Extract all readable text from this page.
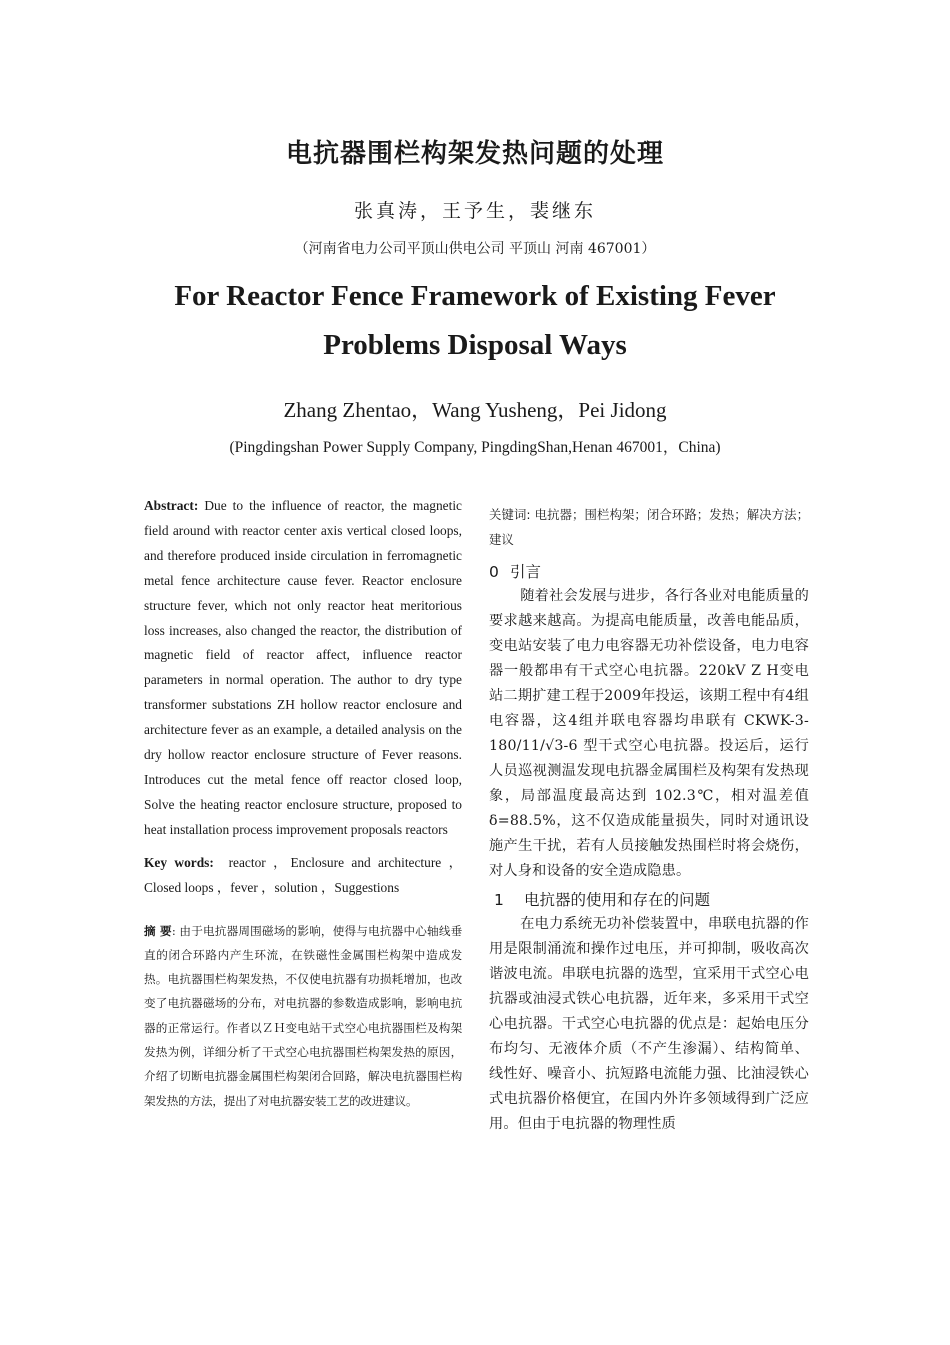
电抗器围栏构架发热问题的处理
张真涛，王予生，裴继东
（河南省电力公司平顶山供电公司 平顶山 河南 467001）
For Reactor Fence Framework of Existing Fever
Problems Disposal Ways
Zhang Zhentao，Wang Yusheng，Pei Jidong
(Pingdingshan Power Supply Company, PingdingShan,Henan 467001，China)

Abstract: Due to the influence of reactor, the magnetic field around with reactor center axis vertical closed loops, and therefore produced inside circulation in ferromagnetic metal fence architecture cause fever. Reactor enclosure structure fever, which not only reactor heat meritorious loss increases, also changed the reactor, the distribution of magnetic field of reactor affect, influence reactor parameters in normal operation. The author to dry type transformer substations ZH hollow reactor enclosure and architecture fever as an example, a detailed analysis on the dry hollow reactor enclosure structure of Fever reasons. Introduces cut the metal fence off reactor closed loop, Solve the heating reactor enclosure structure, proposed to heat installation process improvement proposals reactors

Key words: reactor ，Enclosure and architecture ，Closed loops ，fever ，solution ，Suggestions

摘 要: 由于电抗器周围磁场的影响，使得与电抗器中心轴线垂直的闭合环路内产生环流，在铁磁性金属围栏构架中造成发热。电抗器围栏构架发热，不仅使电抗器有功损耗增加，也改变了电抗器磁场的分布，对电抗器的参数造成影响，影响电抗器的正常运行。作者以ＺＨ变电站干式空心电抗器围栏及构架发热为例，详细分析了干式空心电抗器围栏构架发热的原因，介绍了切断电抗器金属围栏构架闭合回路，解决电抗器围栏构架发热的方法，提出了对电抗器安装工艺的改进建议。

关键词: 电抗器；围栏构架；闭合环路；发热；解决方法；建议

0 引言

随着社会发展与进步，各行各业对电能质量的要求越来越高。为提高电能质量，改善电能品质，变电站安装了电力电容器无功补偿设备，电力电容器一般都串有干式空心电抗器。220kV Z H变电站二期扩建工程于2009年投运，该期工程中有4组电容器，这4组并联电容器均串联有 CKWK-3-180/11/√3-6 型干式空心电抗器。投运后，运行人员巡视测温发现电抗器金属围栏及构架有发热现象，局部温度最高达到 102.3℃，相对温差值δ=88.5%，这不仅造成能量损失，同时对通讯设施产生干扰，若有人员接触发热围栏时将会烧伤，对人身和设备的安全造成隐患。

1 电抗器的使用和存在的问题

在电力系统无功补偿装置中，串联电抗器的作用是限制涌流和操作过电压，并可抑制，吸收高次谐波电流。串联电抗器的选型，宜采用干式空心电抗器或油浸式铁心电抗器，近年来，多采用干式空心电抗器。干式空心电抗器的优点是：起始电压分布均匀、无液体介质（不产生渗漏）、结构简单、线性好、噪音小、抗短路电流能力强、比油浸铁心式电抗器价格便宜，在国内外许多领域得到广泛应用。但由于电抗器的物理性质
